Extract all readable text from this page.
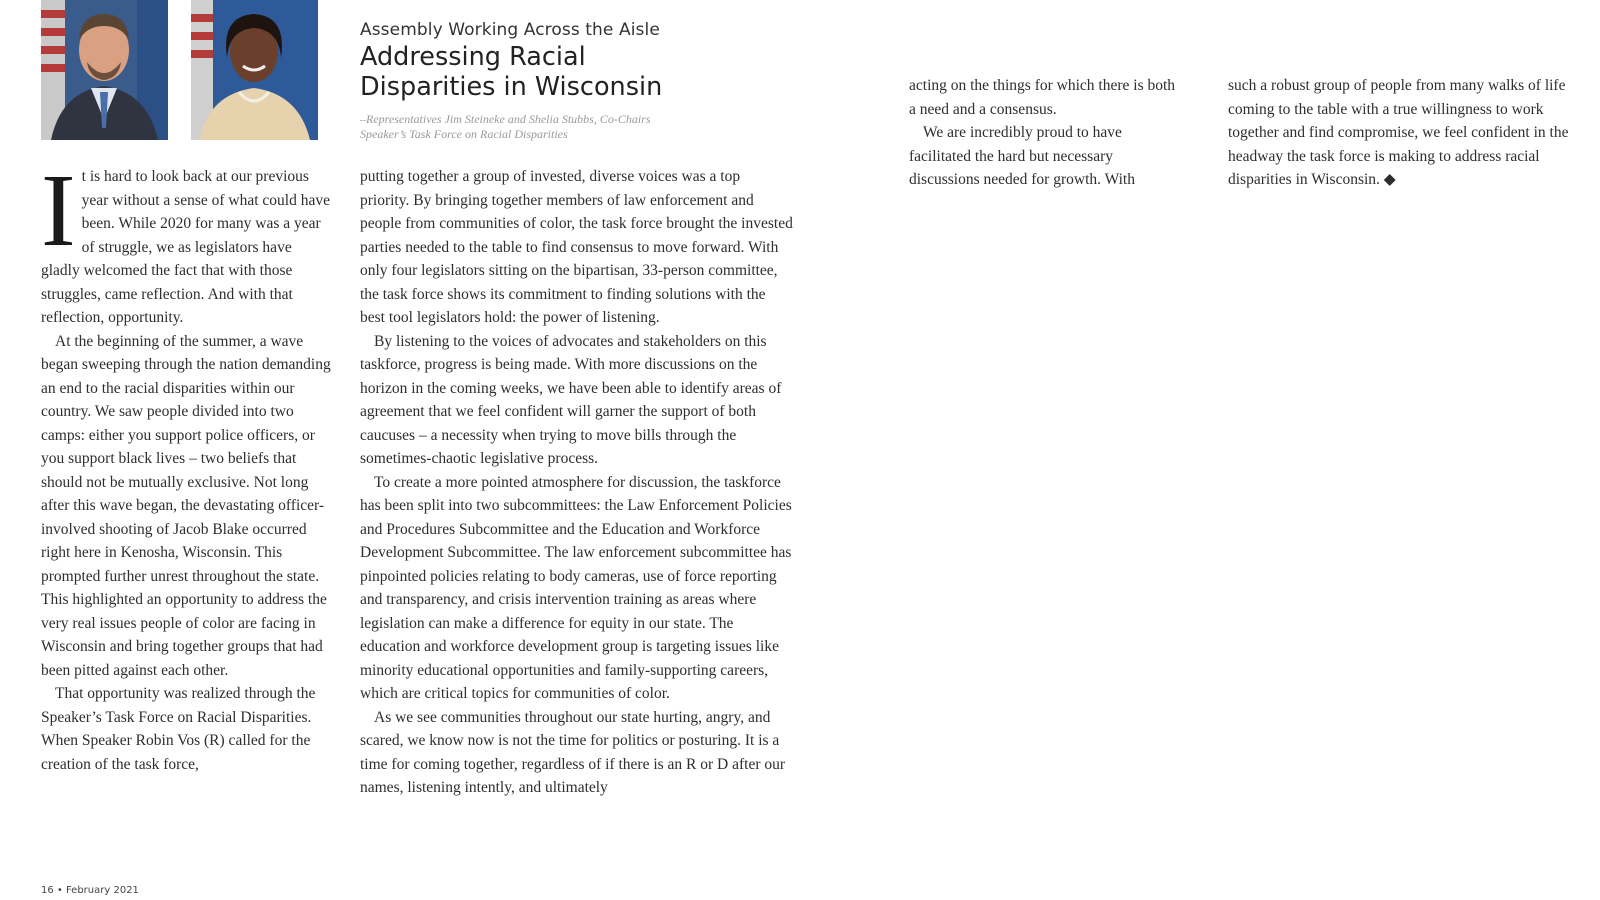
Assembly Working Across the Aisle
Addressing Racial
Disparities in Wisconsin
–Representatives Jim Steineke and Shelia Stubbs, Co-Chairs
Speaker’s Task Force on Racial Disparities

It is hard to look back at our previous year without a sense of what could have been. While 2020 for many was a year of struggle, we as legislators have gladly welcomed the fact that with those struggles, came reflection. And with that reflection, opportunity.

At the beginning of the summer, a wave began sweeping through the nation demanding an end to the racial disparities within our country. We saw people divided into two camps: either you support police officers, or you support black lives – two beliefs that should not be mutually exclusive. Not long after this wave began, the devastating officer-involved shooting of Jacob Blake occurred right here in Kenosha, Wisconsin. This prompted further unrest throughout the state. This highlighted an opportunity to address the very real issues people of color are facing in Wisconsin and bring together groups that had been pitted against each other.

That opportunity was realized through the Speaker’s Task Force on Racial Disparities. When Speaker Robin Vos (R) called for the creation of the task force,

putting together a group of invested, diverse voices was a top priority. By bringing together members of law enforcement and people from communities of color, the task force brought the invested parties needed to the table to find consensus to move forward. With only four legislators sitting on the bipartisan, 33-person committee, the task force shows its commitment to finding solutions with the best tool legislators hold: the power of listening.

By listening to the voices of advocates and stakeholders on this taskforce, progress is being made. With more discussions on the horizon in the coming weeks, we have been able to identify areas of agreement that we feel confident will garner the support of both caucuses – a necessity when trying to move bills through the sometimes-chaotic legislative process.

To create a more pointed atmosphere for discussion, the taskforce has been split into two subcommittees: the Law Enforcement Policies and Procedures Subcommittee and the Education and Workforce Development Subcommittee. The law enforcement subcommittee has pinpointed policies relating to body cameras, use of force reporting and transparency, and crisis intervention training as areas where legislation can make a difference for equity in our state. The education and workforce development group is targeting issues like minority educational opportunities and family-supporting careers, which are critical topics for communities of color.

As we see communities throughout our state hurting, angry, and scared, we know now is not the time for politics or posturing. It is a time for coming together, regardless of if there is an R or D after our names, listening intently, and ultimately

acting on the things for which there is both a need and a consensus.

We are incredibly proud to have facilitated the hard but necessary discussions needed for growth. With

such a robust group of people from many walks of life coming to the table with a true willingness to work together and find compromise, we feel confident in the headway the task force is making to address racial disparities in Wisconsin. ◆

16 • February 2021
